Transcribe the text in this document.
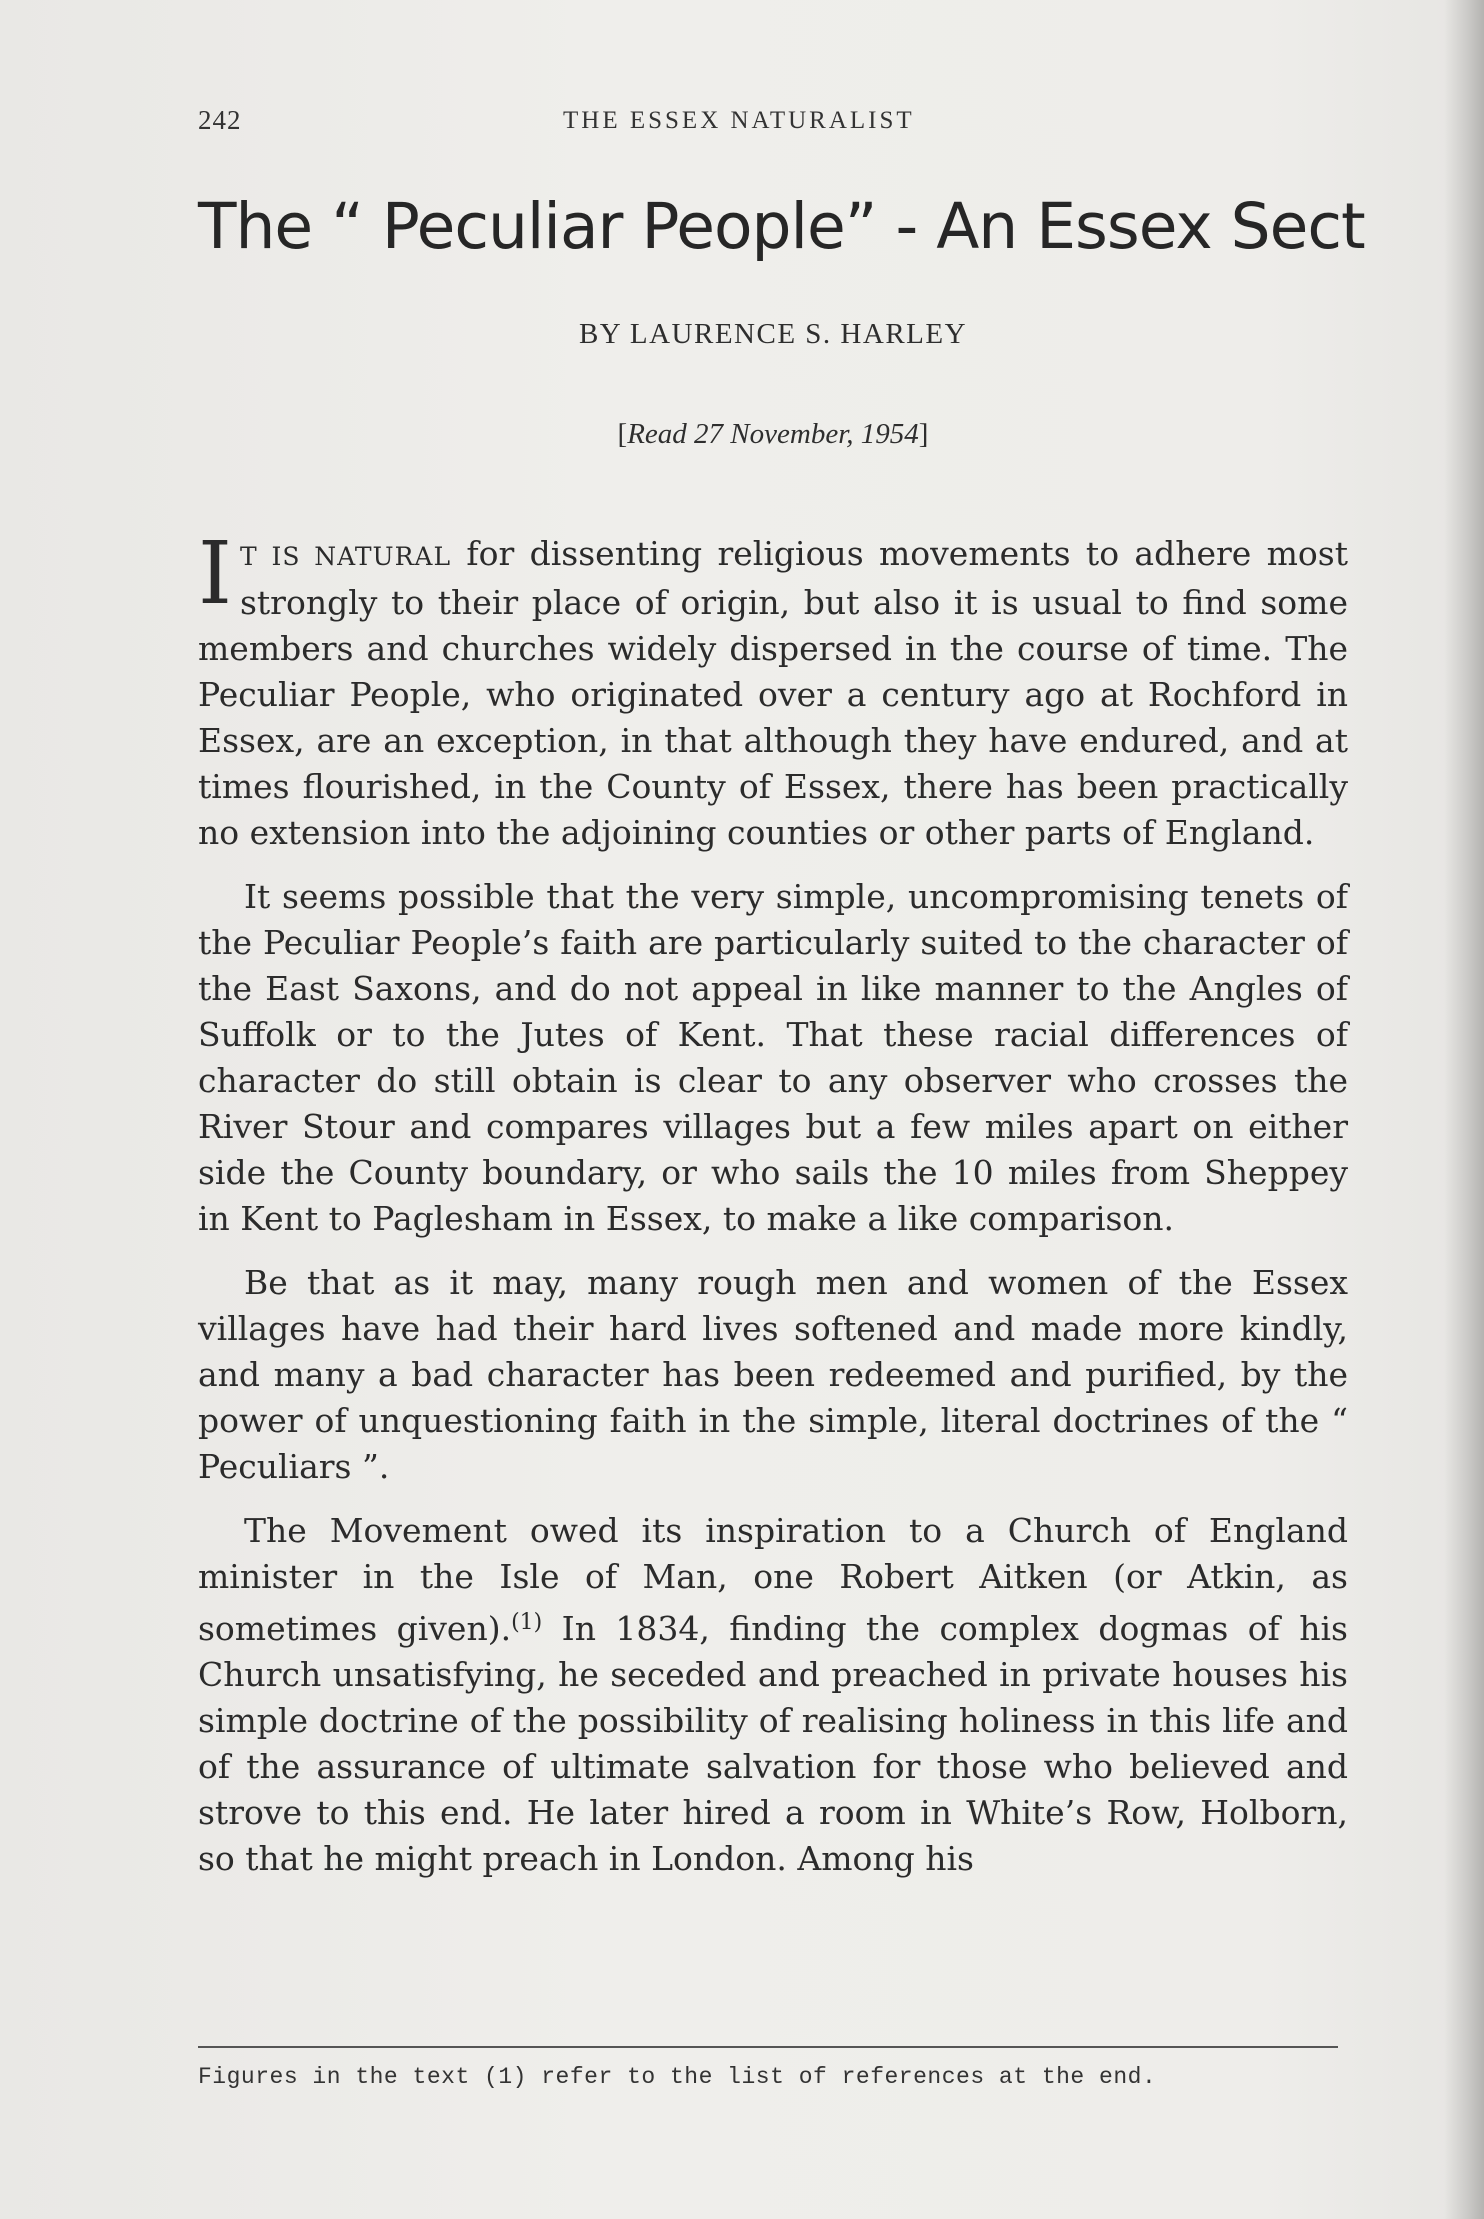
242	THE ESSEX NATURALIST
The “ Peculiar People” - An Essex Sect
BY LAURENCE S. HARLEY
[Read 27 November, 1954]

I T IS NATURAL for dissenting religious movements to adhere most strongly to their place of origin, but also it is usual to find some members and churches widely dispersed in the course of time. The Peculiar People, who originated over a century ago at Rochford in Essex, are an exception, in that although they have endured, and at times flourished, in the County of Essex, there has been practically no extension into the adjoining counties or other parts of England.

It seems possible that the very simple, uncompromising tenets of the Peculiar People’s faith are particularly suited to the character of the East Saxons, and do not appeal in like manner to the Angles of Suffolk or to the Jutes of Kent. That these racial differences of character do still obtain is clear to any observer who crosses the River Stour and compares villages but a few miles apart on either side the County boundary, or who sails the 10 miles from Sheppey in Kent to Paglesham in Essex, to make a like comparison.

Be that as it may, many rough men and women of the Essex villages have had their hard lives softened and made more kindly, and many a bad character has been redeemed and purified, by the power of unquestioning faith in the simple, literal doctrines of the “ Peculiars ”.

The Movement owed its inspiration to a Church of England minister in the Isle of Man, one Robert Aitken (or Atkin, as sometimes given).$^{(1)}$ In 1834, finding the complex dogmas of his Church unsatisfying, he seceded and preached in private houses his simple doctrine of the possibility of realising holiness in this life and of the assurance of ultimate salvation for those who believed and strove to this end. He later hired a room in White’s Row, Holborn, so that he might preach in London. Among his

Figures in the text (1) refer to the list of references at the end.
